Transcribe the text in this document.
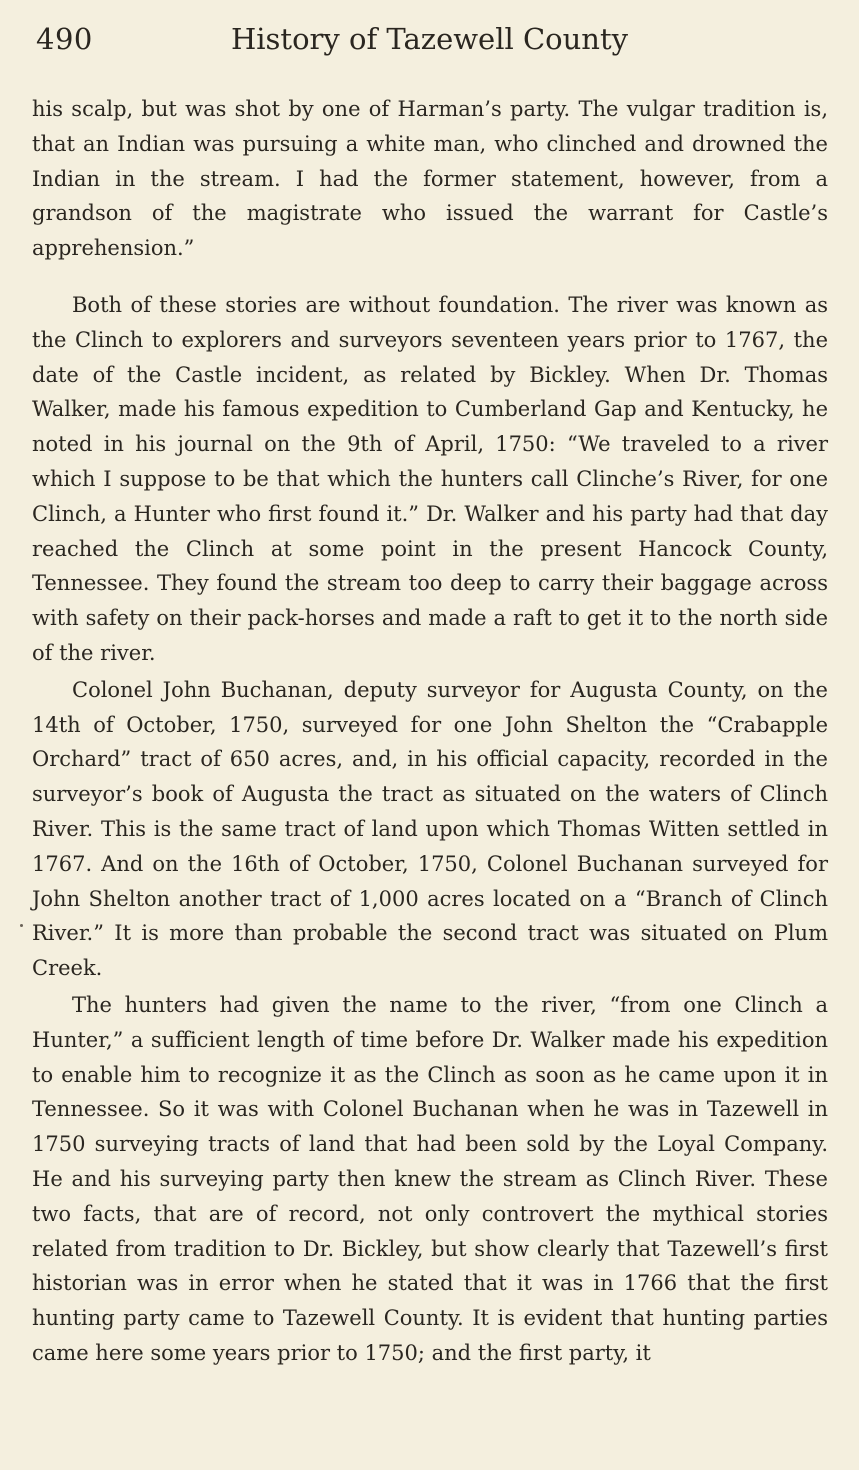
490	History of Tazewell County

his scalp, but was shot by one of Harman’s party. The vulgar tradition is, that an Indian was pursuing a white man, who clinched and drowned the Indian in the stream. I had the former statement, however, from a grandson of the magistrate who issued the warrant for Castle’s apprehension.”

Both of these stories are without foundation. The river was known as the Clinch to explorers and surveyors seventeen years prior to 1767, the date of the Castle incident, as related by Bickley. When Dr. Thomas Walker, made his famous expedition to Cumberland Gap and Kentucky, he noted in his journal on the 9th of April, 1750: “We traveled to a river which I suppose to be that which the hunters call Clinche’s River, for one Clinch, a Hunter who first found it.” Dr. Walker and his party had that day reached the Clinch at some point in the present Hancock County, Tennessee. They found the stream too deep to carry their baggage across with safety on their pack-horses and made a raft to get it to the north side of the river.

Colonel John Buchanan, deputy surveyor for Augusta County, on the 14th of October, 1750, surveyed for one John Shelton the “Crabapple Orchard” tract of 650 acres, and, in his official capacity, recorded in the surveyor’s book of Augusta the tract as situated on the waters of Clinch River. This is the same tract of land upon which Thomas Witten settled in 1767. And on the 16th of October, 1750, Colonel Buchanan surveyed for John Shelton another tract of 1,000 acres located on a “Branch of Clinch River.” It is more than probable the second tract was situated on Plum Creek.

The hunters had given the name to the river, “from one Clinch a Hunter,” a sufficient length of time before Dr. Walker made his expedition to enable him to recognize it as the Clinch as soon as he came upon it in Tennessee. So it was with Colonel Buchanan when he was in Tazewell in 1750 surveying tracts of land that had been sold by the Loyal Company. He and his surveying party then knew the stream as Clinch River. These two facts, that are of record, not only controvert the mythical stories related from tradition to Dr. Bickley, but show clearly that Tazewell’s first historian was in error when he stated that it was in 1766 that the first hunting party came to Tazewell County. It is evident that hunting parties came here some years prior to 1750; and the first party, it
